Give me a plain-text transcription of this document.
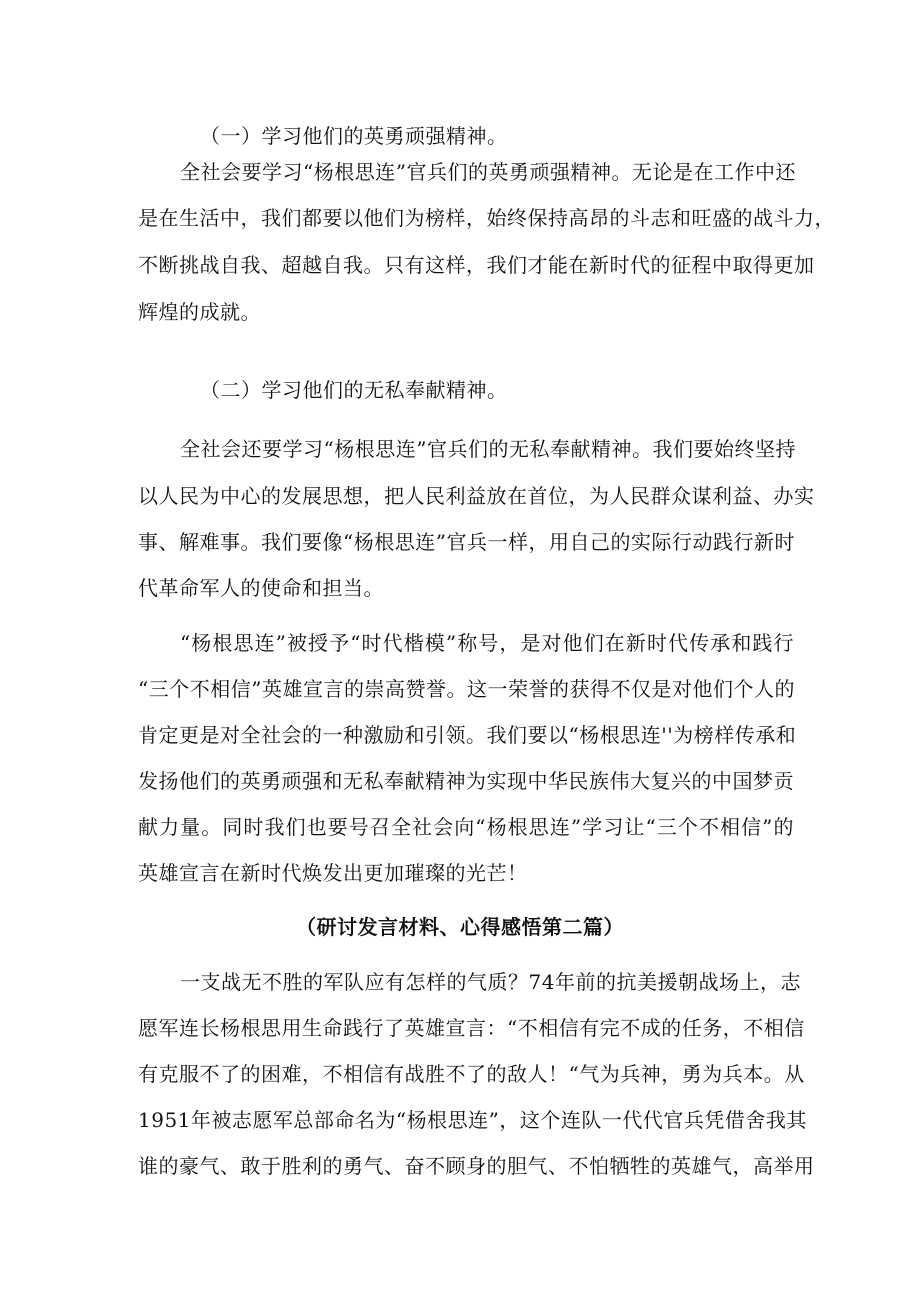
（一）学习他们的英勇顽强精神。
全社会要学习“杨根思连”官兵们的英勇顽强精神。无论是在工作中还
是在生活中，我们都要以他们为榜样，始终保持高昂的斗志和旺盛的战斗力，
不断挑战自我、超越自我。只有这样，我们才能在新时代的征程中取得更加
辉煌的成就。
（二）学习他们的无私奉献精神。
全社会还要学习“杨根思连”官兵们的无私奉献精神。我们要始终坚持
以人民为中心的发展思想，把人民利益放在首位，为人民群众谋利益、办实
事、解难事。我们要像“杨根思连”官兵一样，用自己的实际行动践行新时
代革命军人的使命和担当。
“杨根思连”被授予“时代楷模”称号，是对他们在新时代传承和践行
“三个不相信”英雄宣言的崇高赞誉。这一荣誉的获得不仅是对他们个人的
肯定更是对全社会的一种激励和引领。我们要以“杨根思连''为榜样传承和
发扬他们的英勇顽强和无私奉献精神为实现中华民族伟大复兴的中国梦贡
献力量。同时我们也要号召全社会向“杨根思连”学习让“三个不相信”的
英雄宣言在新时代焕发出更加璀璨的光芒！
（研讨发言材料、心得感悟第二篇）
一支战无不胜的军队应有怎样的气质？74年前的抗美援朝战场上，志
愿军连长杨根思用生命践行了英雄宣言：“不相信有完不成的任务，不相信
有克服不了的困难，不相信有战胜不了的敌人！“气为兵神，勇为兵本。从
1951年被志愿军总部命名为“杨根思连”，这个连队一代代官兵凭借舍我其
谁的豪气、敢于胜利的勇气、奋不顾身的胆气、不怕牺牲的英雄气，高举用
